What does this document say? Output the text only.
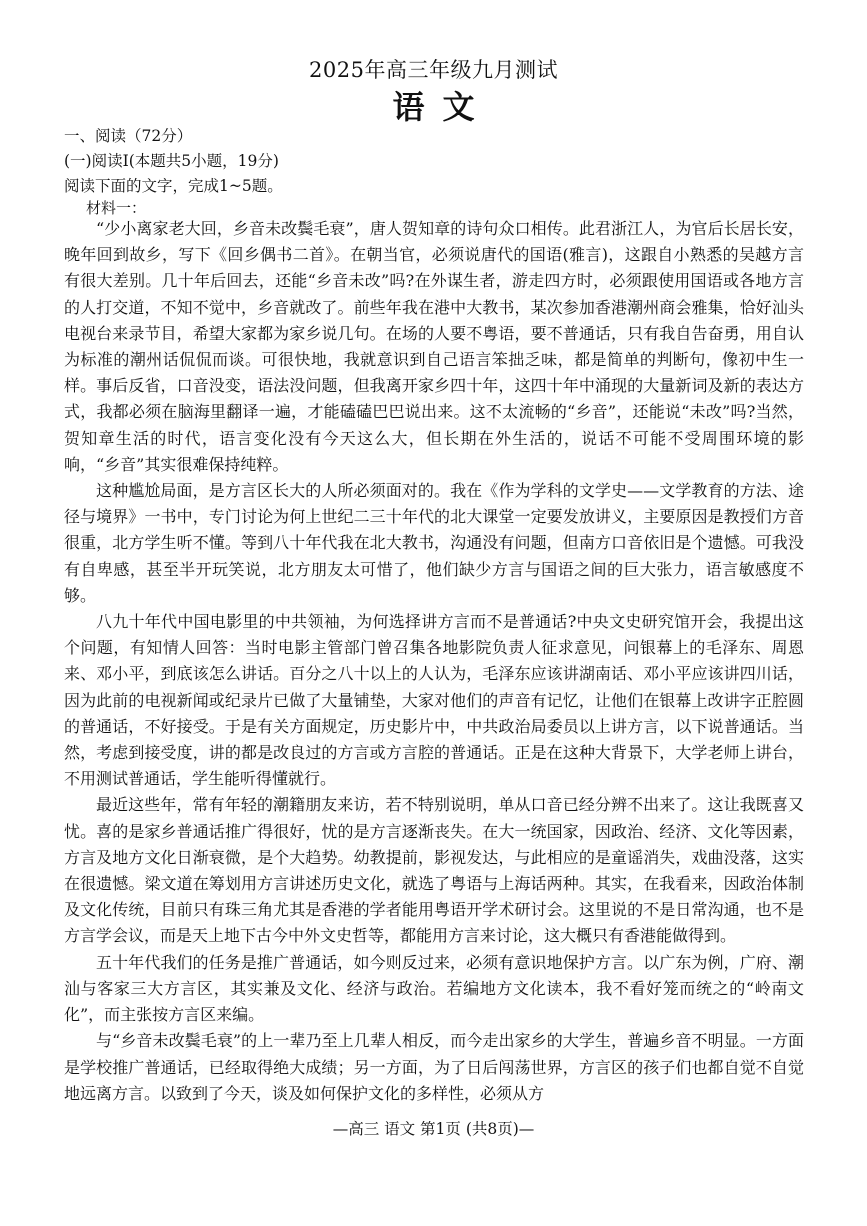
2025年高三年级九月测试
语文
一、阅读（72分）
(一)阅读Ⅰ(本题共5小题，19分)
阅读下面的文字，完成1~5题。
材料一：

“少小离家老大回，乡音未改鬓毛衰”，唐人贺知章的诗句众口相传。此君浙江人，为官后长居长安，晚年回到故乡，写下《回乡偶书二首》。在朝当官，必须说唐代的国语(雅言)，这跟自小熟悉的吴越方言有很大差别。几十年后回去，还能“乡音未改”吗?在外谋生者，游走四方时，必须跟使用国语或各地方言的人打交道，不知不觉中，乡音就改了。前些年我在港中大教书，某次参加香港潮州商会雅集，恰好汕头电视台来录节目，希望大家都为家乡说几句。在场的人要不粤语，要不普通话，只有我自告奋勇，用自认为标准的潮州话侃侃而谈。可很快地，我就意识到自己语言笨拙乏味，都是简单的判断句，像初中生一样。事后反省，口音没变，语法没问题，但我离开家乡四十年，这四十年中涌现的大量新词及新的表达方式，我都必须在脑海里翻译一遍，才能磕磕巴巴说出来。这不太流畅的“乡音”，还能说“未改”吗?当然，贺知章生活的时代，语言变化没有今天这么大，但长期在外生活的，说话不可能不受周围环境的影响，“乡音”其实很难保持纯粹。

这种尴尬局面，是方言区长大的人所必须面对的。我在《作为学科的文学史——文学教育的方法、途径与境界》一书中，专门讨论为何上世纪二三十年代的北大课堂一定要发放讲义，主要原因是教授们方音很重，北方学生听不懂。等到八十年代我在北大教书，沟通没有问题，但南方口音依旧是个遗憾。可我没有自卑感，甚至半开玩笑说，北方朋友太可惜了，他们缺少方言与国语之间的巨大张力，语言敏感度不够。

八九十年代中国电影里的中共领袖，为何选择讲方言而不是普通话?中央文史研究馆开会，我提出这个问题，有知情人回答：当时电影主管部门曾召集各地影院负责人征求意见，问银幕上的毛泽东、周恩来、邓小平，到底该怎么讲话。百分之八十以上的人认为，毛泽东应该讲湖南话、邓小平应该讲四川话，因为此前的电视新闻或纪录片已做了大量铺垫，大家对他们的声音有记忆，让他们在银幕上改讲字正腔圆的普通话，不好接受。于是有关方面规定，历史影片中，中共政治局委员以上讲方言，以下说普通话。当然，考虑到接受度，讲的都是改良过的方言或方言腔的普通话。正是在这种大背景下，大学老师上讲台，不用测试普通话，学生能听得懂就行。

最近这些年，常有年轻的潮籍朋友来访，若不特别说明，单从口音已经分辨不出来了。这让我既喜又忧。喜的是家乡普通话推广得很好，忧的是方言逐渐丧失。在大一统国家，因政治、经济、文化等因素，方言及地方文化日渐衰微，是个大趋势。幼教提前，影视发达，与此相应的是童谣消失，戏曲没落，这实在很遗憾。梁文道在筹划用方言讲述历史文化，就选了粤语与上海话两种。其实，在我看来，因政治体制及文化传统，目前只有珠三角尤其是香港的学者能用粤语开学术研讨会。这里说的不是日常沟通，也不是方言学会议，而是天上地下古今中外文史哲等，都能用方言来讨论，这大概只有香港能做得到。

五十年代我们的任务是推广普通话，如今则反过来，必须有意识地保护方言。以广东为例，广府、潮汕与客家三大方言区，其实兼及文化、经济与政治。若编地方文化读本，我不看好笼而统之的“岭南文化”，而主张按方言区来编。

与“乡音未改鬓毛衰”的上一辈乃至上几辈人相反，而今走出家乡的大学生，普遍乡音不明显。一方面是学校推广普通话，已经取得绝大成绩；另一方面，为了日后闯荡世界，方言区的孩子们也都自觉不自觉地远离方言。以致到了今天，谈及如何保护文化的多样性，必须从方

—高三 语文 第1页 (共8页)—
